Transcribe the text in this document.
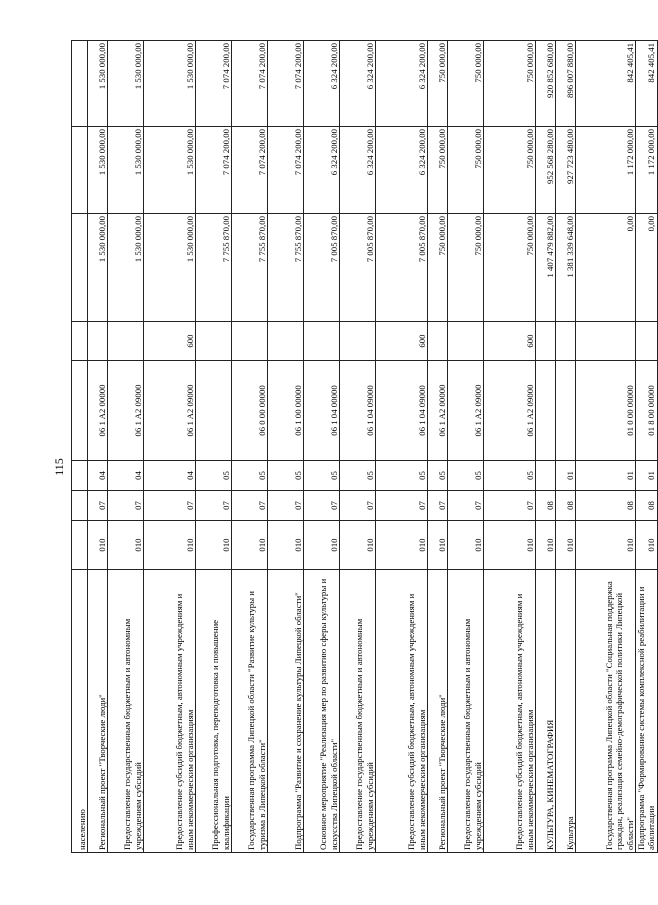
115
населению								
Региональный проект "Творческие люди"	010	07	04	06 1 A2 00000		1 530 000,00	1 530 000,00	1 530 000,00
Предоставление государственным бюджетным и автономным учреждениям субсидий	010	07	04	06 1 A2 09000		1 530 000,00	1 530 000,00	1 530 000,00
Предоставление субсидий бюджетным, автономным учреждениям и иным некоммерческим организациям	010	07	04	06 1 A2 09000	600	1 530 000,00	1 530 000,00	1 530 000,00
Профессиональная подготовка, переподготовка и повышение квалификации	010	07	05			7 755 870,00	7 074 200,00	7 074 200,00
Государственная программа Липецкой области "Развитие культуры и туризма в Липецкой области"	010	07	05	06 0 00 00000		7 755 870,00	7 074 200,00	7 074 200,00
Подпрограмма "Развитие и сохранение культуры Липецкой области"	010	07	05	06 1 00 00000		7 755 870,00	7 074 200,00	7 074 200,00
Основное мероприятие "Реализация мер по развитию сферы культуры и искусства Липецкой области"	010	07	05	06 1 04 00000		7 005 870,00	6 324 200,00	6 324 200,00
Предоставление государственным бюджетным и автономным учреждениям субсидий	010	07	05	06 1 04 09000		7 005 870,00	6 324 200,00	6 324 200,00
Предоставление субсидий бюджетным, автономным учреждениям и иным некоммерческим организациям	010	07	05	06 1 04 09000	600	7 005 870,00	6 324 200,00	6 324 200,00
Региональный проект "Творческие люди"	010	07	05	06 1 A2 00000		750 000,00	750 000,00	750 000,00
Предоставление государственным бюджетным и автономным учреждениям субсидий	010	07	05	06 1 A2 09000		750 000,00	750 000,00	750 000,00
Предоставление субсидий бюджетным, автономным учреждениям и иным некоммерческим организациям	010	07	05	06 1 A2 09000	600	750 000,00	750 000,00	750 000,00
КУЛЬТУРА, КИНЕМАТОГРАФИЯ	010	08				1 407 479 882,00	952 568 280,00	920 852 680,00
Культура	010	08	01			1 381 339 648,00	927 723 480,00	896 007 880,00
Государственная программа Липецкой области "Социальная поддержка граждан, реализация семейно-демографической политики Липецкой области"	010	08	01	01 0 00 00000		0,00	1 172 000,00	842 405,41
Подпрограмма "Формирование системы комплексной реабилитации и абилитации	010	08	01	01 8 00 00000		0,00	1 172 000,00	842 405,41
